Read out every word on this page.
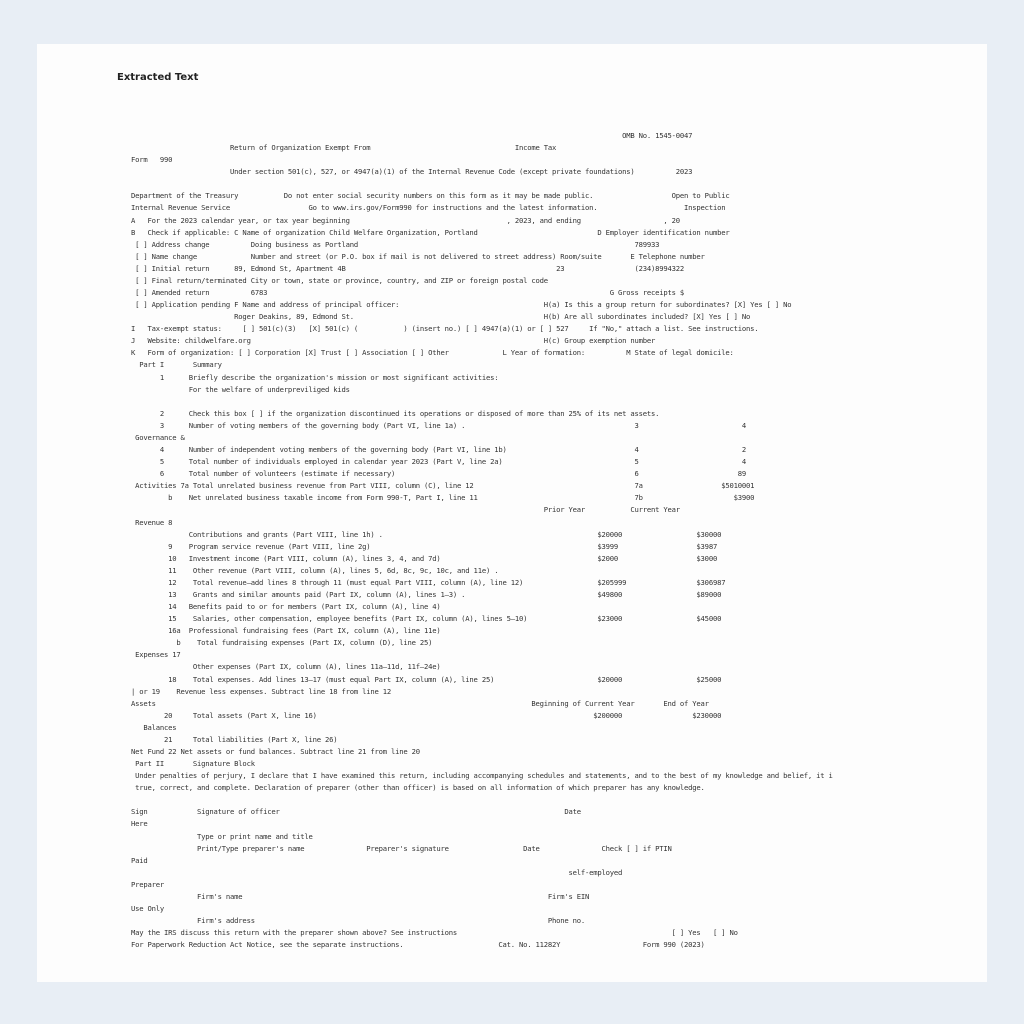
Extracted Text
OMB No. 1545-0047
Return of Organization Exempt From                                   Income Tax
Form   990
Under section 501(c), 527, or 4947(a)(1) of the Internal Revenue Code (except private foundations)          2023

Department of the Treasury           Do not enter social security numbers on this form as it may be made public.                   Open to Public
Internal Revenue Service                   Go to www.irs.gov/Form990 for instructions and the latest information.                     Inspection
A   For the 2023 calendar year, or tax year beginning                                      , 2023, and ending                    , 20
B   Check if applicable: C Name of organization Child Welfare Organization, Portland                             D Employer identification number
[ ] Address change          Doing business as Portland                                                                   789933
[ ] Name change             Number and street (or P.O. box if mail is not delivered to street address) Room/suite       E Telephone number
[ ] Initial return      89, Edmond St, Apartment 4B                                                   23                 (234)8994322
[ ] Final return/terminated City or town, state or province, country, and ZIP or foreign postal code
[ ] Amended return          6783                                                                                   G Gross receipts $
[ ] Application pending F Name and address of principal officer:                                   H(a) Is this a group return for subordinates? [X] Yes [ ] No
Roger Deakins, 89, Edmond St.                                              H(b) Are all subordinates included? [X] Yes [ ] No
I   Tax-exempt status:     [ ] 501(c)(3)   [X] 501(c) (           ) (insert no.) [ ] 4947(a)(1) or [ ] 527     If "No," attach a list. See instructions.
J   Website: childwelfare.org                                                                       H(c) Group exemption number
K   Form of organization: [ ] Corporation [X] Trust [ ] Association [ ] Other             L Year of formation:          M State of legal domicile:
Part I       Summary
1      Briefly describe the organization's mission or most significant activities:
For the welfare of underpreviliged kids

2      Check this box [ ] if the organization discontinued its operations or disposed of more than 25% of its net assets.
3      Number of voting members of the governing body (Part VI, line 1a) .                                         3                         4
Governance &
4      Number of independent voting members of the governing body (Part VI, line 1b)                               4                         2
5      Total number of individuals employed in calendar year 2023 (Part V, line 2a)                                5                         4
6      Total number of volunteers (estimate if necessary)                                                          6                        89
Activities 7a Total unrelated business revenue from Part VIII, column (C), line 12                                       7a                   $5010001
b    Net unrelated business taxable income from Form 990-T, Part I, line 11                                      7b                      $3900
Prior Year           Current Year
Revenue 8
Contributions and grants (Part VIII, line 1h) .                                                    $20000                  $30000
9    Program service revenue (Part VIII, line 2g)                                                       $3999                   $3987
10   Investment income (Part VIII, column (A), lines 3, 4, and 7d)                                      $2000                   $3000
11    Other revenue (Part VIII, column (A), lines 5, 6d, 8c, 9c, 10c, and 11e) .
12    Total revenue—add lines 8 through 11 (must equal Part VIII, column (A), line 12)                  $205999                 $306987
13    Grants and similar amounts paid (Part IX, column (A), lines 1–3) .                                $49800                  $89000
14   Benefits paid to or for members (Part IX, column (A), line 4)
15    Salaries, other compensation, employee benefits (Part IX, column (A), lines 5–10)                 $23000                  $45000
16a  Professional fundraising fees (Part IX, column (A), line 11e)
b    Total fundraising expenses (Part IX, column (D), line 25)
Expenses 17
Other expenses (Part IX, column (A), lines 11a–11d, 11f–24e)
18    Total expenses. Add lines 13–17 (must equal Part IX, column (A), line 25)                         $20000                  $25000
| or 19    Revenue less expenses. Subtract line 18 from line 12
Assets                                                                                           Beginning of Current Year       End of Year
20     Total assets (Part X, line 16)                                                                   $200000                 $230000
Balances
21     Total liabilities (Part X, line 26)
Net Fund 22 Net assets or fund balances. Subtract line 21 from line 20
Part II       Signature Block
Under penalties of perjury, I declare that I have examined this return, including accompanying schedules and statements, and to the best of my knowledge and belief, it i
true, correct, and complete. Declaration of preparer (other than officer) is based on all information of which preparer has any knowledge.

Sign            Signature of officer                                                                     Date
Here
Type or print name and title
Print/Type preparer's name               Preparer's signature                  Date               Check [ ] if PTIN
Paid
self-employed
Preparer
Firm's name                                                                          Firm's EIN
Use Only
Firm's address                                                                       Phone no.
May the IRS discuss this return with the preparer shown above? See instructions                                                    [ ] Yes   [ ] No
For Paperwork Reduction Act Notice, see the separate instructions.                       Cat. No. 11282Y                    Form 990 (2023)
